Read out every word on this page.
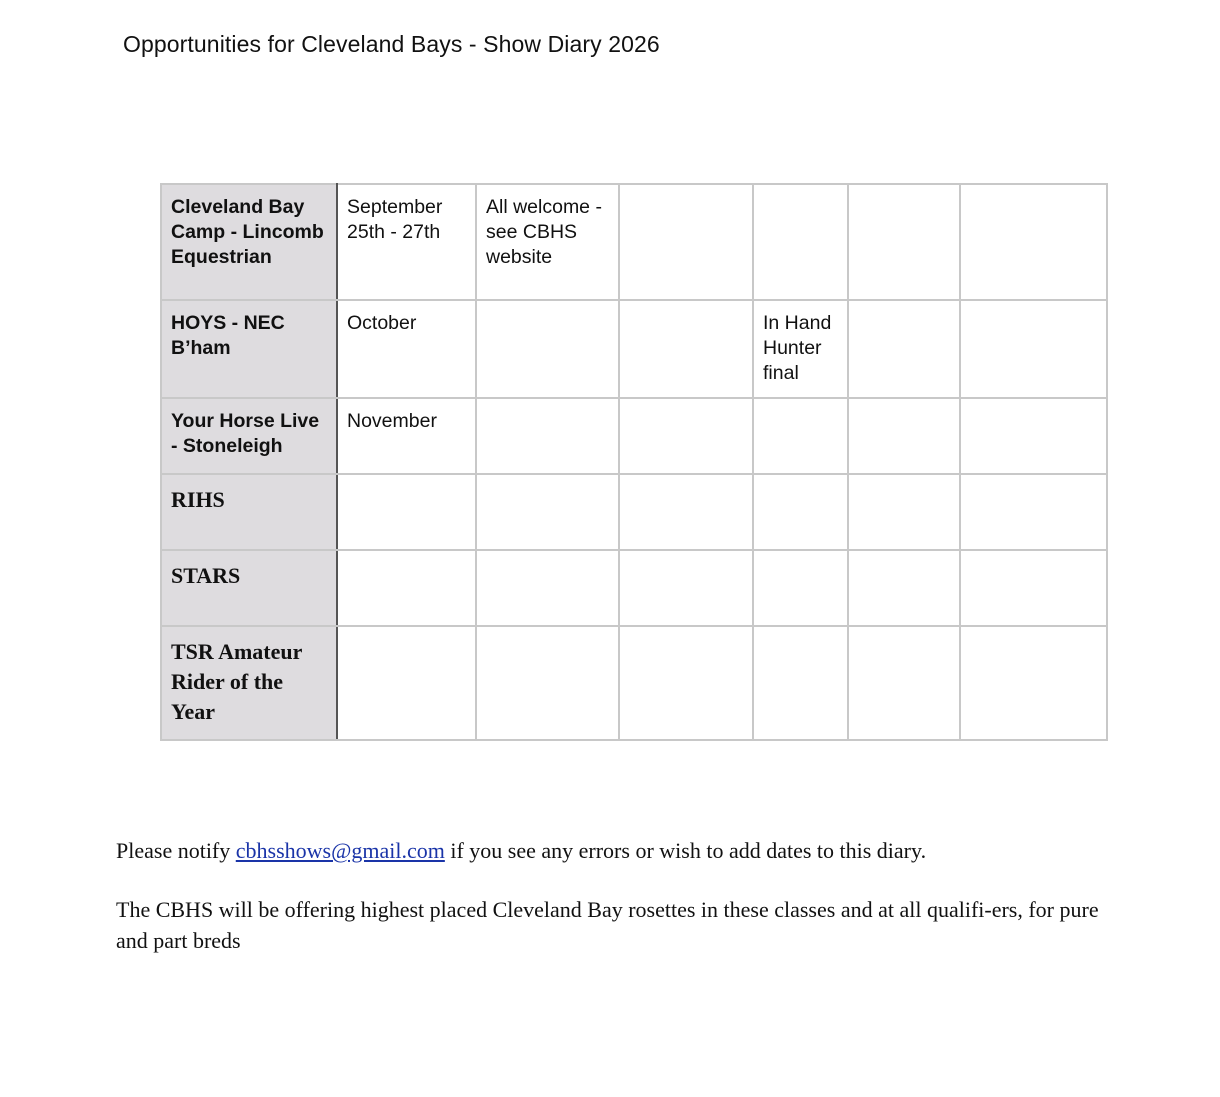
Opportunities for Cleveland Bays - Show Diary 2026
Cleveland Bay Camp - Lincomb Equestrian	September 25th - 27th	All welcome - see CBHS website				
HOYS - NEC B’ham	October			In Hand Hunter final		
Your Horse Live - Stoneleigh	November					
RIHS						
STARS						
TSR Amateur Rider of the Year						

Please notify cbhsshows@gmail.com if you see any errors or wish to add dates to this diary.

The CBHS will be offering highest placed Cleveland Bay rosettes in these classes and at all qualifi-ers, for pure and part breds
